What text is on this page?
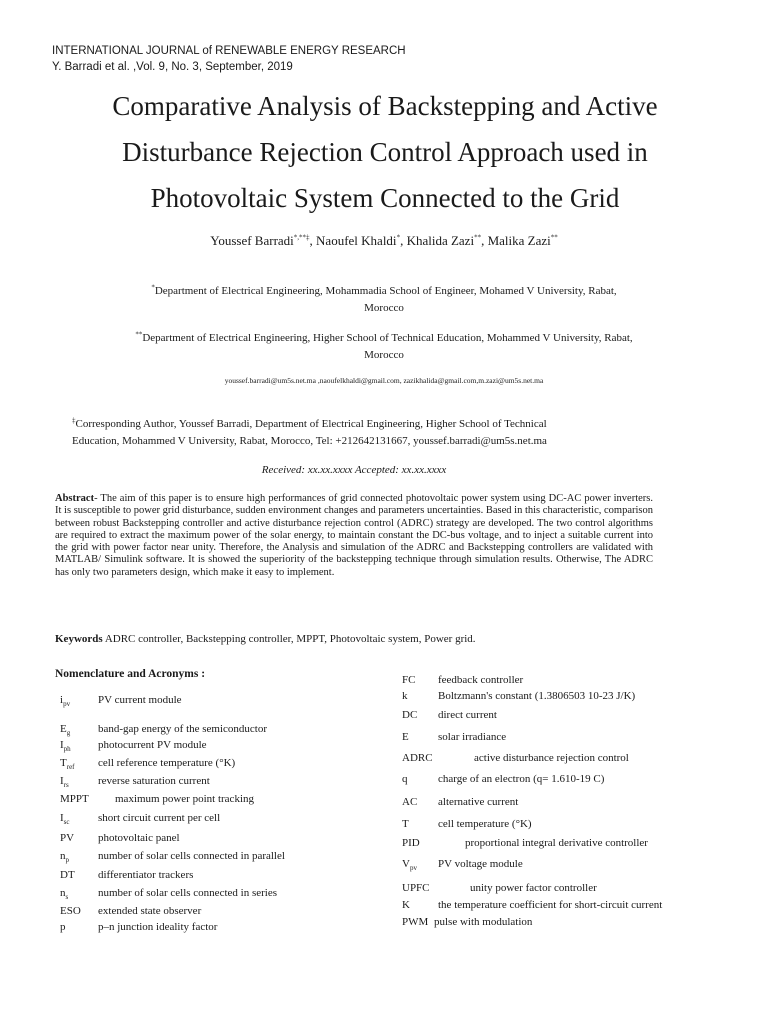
INTERNATIONAL JOURNAL of RENEWABLE ENERGY RESEARCH
Y. Barradi et al. ,Vol. 9, No. 3, September, 2019
Comparative Analysis of Backstepping and Active
Disturbance Rejection Control Approach used in
Photovoltaic System Connected to the Grid
Youssef Barradi*,**‡, Naoufel Khaldi*, Khalida Zazi**, Malika Zazi**
*Department of Electrical Engineering, Mohammadia School of Engineer, Mohamed V University, Rabat,
Morocco
**Department of Electrical Engineering, Higher School of Technical Education, Mohammed V University, Rabat,
Morocco
youssef.barradi@um5s.net.ma ,naoufelkhaldi@gmail.com, zazikhalida@gmail.com,m.zazi@um5s.net.ma
‡Corresponding Author, Youssef Barradi, Department of Electrical Engineering, Higher School of Technical
Education, Mohammed V University, Rabat, Morocco, Tel: +212642131667, youssef.barradi@um5s.net.ma
Received: xx.xx.xxxx Accepted: xx.xx.xxxx
Abstract- The aim of this paper is to ensure high performances of grid connected photovoltaic power system using DC-AC power inverters. It is susceptible to power grid disturbance, sudden environment changes and parameters uncertainties. Based in this characteristic, comparison between robust Backstepping controller and active disturbance rejection control (ADRC) strategy are developed. The two control algorithms are required to extract the maximum power of the solar energy, to maintain constant the DC-bus voltage, and to inject a suitable current into the grid with power factor near unity. Therefore, the Analysis and simulation of the ADRC and Backstepping controllers are validated with MATLAB/ Simulink software. It is showed the superiority of the backstepping technique through simulation results. Otherwise, The ADRC has only two parameters design, which make it easy to implement.
Keywords ADRC controller, Backstepping controller, MPPT, Photovoltaic system, Power grid.
Nomenclature and Acronyms :
$i_{pv}$	PV current module
$E_g$	band-gap energy of the semiconductor
$I_{ph}$ photocurrent PV module
$T_{ref}$ cell reference temperature (°K)
$I_{rs}$	reverse saturation current
MPPT maximum power point tracking
$I_{sc}$	short circuit current per cell
PV photovoltaic panel
$n_p$	number of solar cells connected in parallel
DT differentiator trackers
$n_s$	number of solar cells connected in series
ESO extended state observer
p	p–n junction ideality factor
FC feedback controller
k	Boltzmann's constant (1.3806503 10-23 J/K)
DC direct current
E	solar irradiance
ADRC	active disturbance rejection control
q	charge of an electron (q= 1.610-19 C)
AC alternative current
T	cell temperature (°K)
PID	proportional integral derivative controller
$V_{pv}$ PV voltage module
UPFC	unity power factor controller
K	the temperature coefficient for short-circuit current
PWM pulse with modulation
